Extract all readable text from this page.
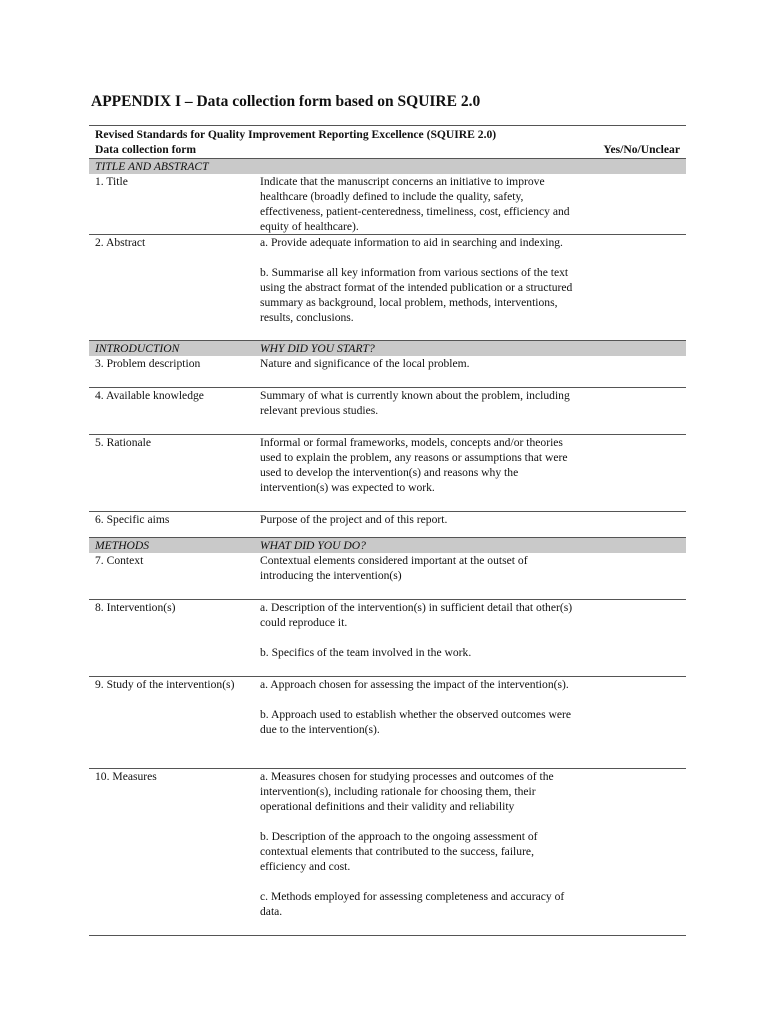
APPENDIX I – Data collection form based on SQUIRE 2.0
Revised Standards for Quality Improvement Reporting Excellence (SQUIRE 2.0)
Data collection form	Yes/No/Unclear
TITLE AND ABSTRACT
1. Title	Indicate that the manuscript concerns an initiative to improve healthcare (broadly defined to include the quality, safety, effectiveness, patient-centeredness, timeliness, cost, efficiency and equity of healthcare).
2. Abstract	a. Provide adequate information to aid in searching and indexing.
b. Summarise all key information from various sections of the text using the abstract format of the intended publication or a structured summary as background, local problem, methods, interventions, results, conclusions.
INTRODUCTION	WHY DID YOU START?
3. Problem description	Nature and significance of the local problem.
4. Available knowledge	Summary of what is currently known about the problem, including relevant previous studies.
5. Rationale	Informal or formal frameworks, models, concepts and/or theories used to explain the problem, any reasons or assumptions that were used to develop the intervention(s) and reasons why the intervention(s) was expected to work.
6. Specific aims	Purpose of the project and of this report.
METHODS	WHAT DID YOU DO?
7. Context	Contextual elements considered important at the outset of introducing the intervention(s)
8. Intervention(s)	a. Description of the intervention(s) in sufficient detail that other(s) could reproduce it.
b. Specifics of the team involved in the work.
9. Study of the intervention(s)	a. Approach chosen for assessing the impact of the intervention(s).
b. Approach used to establish whether the observed outcomes were due to the intervention(s).
10. Measures	a. Measures chosen for studying processes and outcomes of the intervention(s), including rationale for choosing them, their operational definitions and their validity and reliability
b. Description of the approach to the ongoing assessment of contextual elements that contributed to the success, failure, efficiency and cost.
c. Methods employed for assessing completeness and accuracy of data.
